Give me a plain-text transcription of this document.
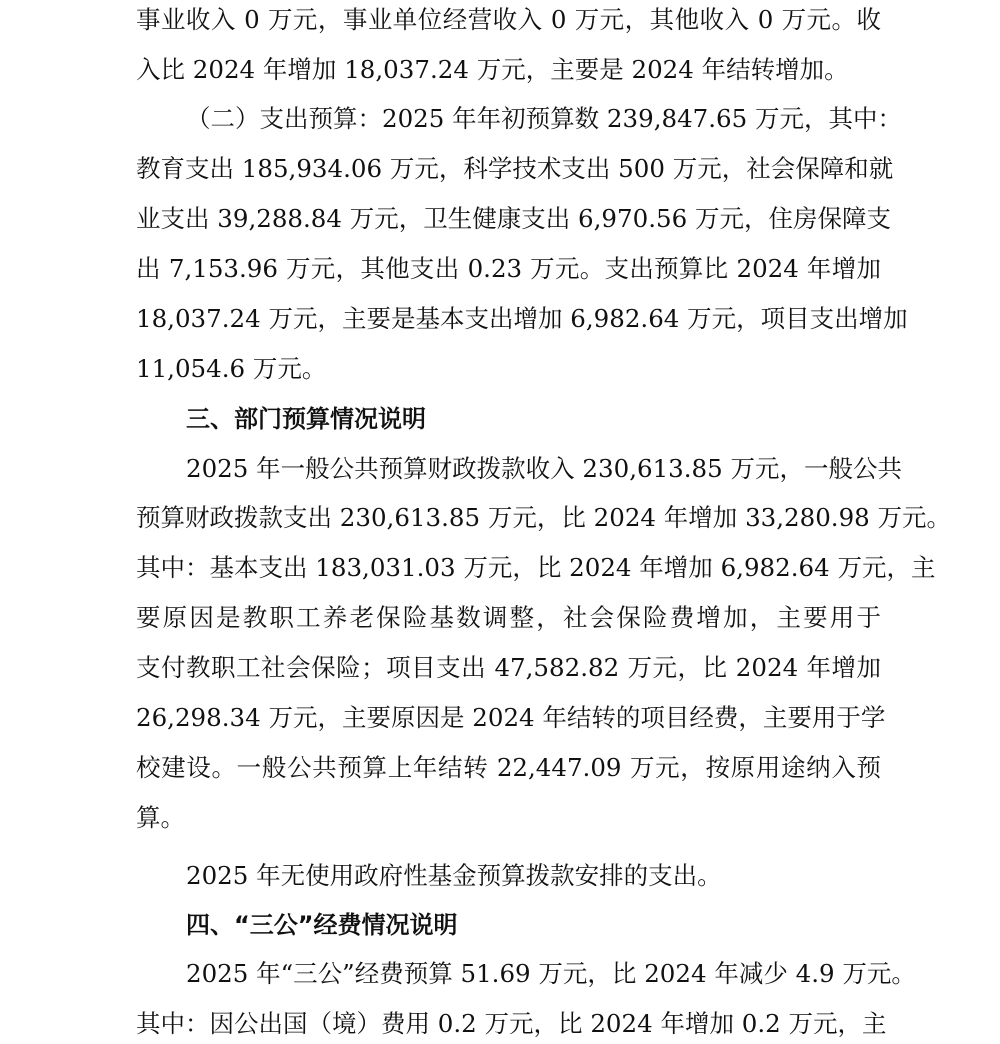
事业收入 0 万元，事业单位经营收入 0 万元，其他收入 0 万元。收
入比 2024 年增加 18,037.24 万元，主要是 2024 年结转增加。
（二）支出预算：2025 年年初预算数 239,847.65 万元，其中：
教育支出 185,934.06 万元，科学技术支出 500 万元，社会保障和就
业支出 39,288.84 万元，卫生健康支出 6,970.56 万元，住房保障支
出 7,153.96 万元，其他支出 0.23 万元。支出预算比 2024 年增加
18,037.24 万元，主要是基本支出增加 6,982.64 万元，项目支出增加
11,054.6 万元。
三、部门预算情况说明
2025 年一般公共预算财政拨款收入 230,613.85 万元，一般公共
预算财政拨款支出 230,613.85 万元，比 2024 年增加 33,280.98 万元。
其中：基本支出 183,031.03 万元，比 2024 年增加 6,982.64 万元，主
要原因是教职工养老保险基数调整，社会保险费增加，主要用于
支付教职工社会保险；项目支出 47,582.82 万元，比 2024 年增加
26,298.34 万元，主要原因是 2024 年结转的项目经费，主要用于学
校建设。一般公共预算上年结转 22,447.09 万元，按原用途纳入预
算。
2025 年无使用政府性基金预算拨款安排的支出。
四、“三公”经费情况说明
2025 年“三公”经费预算 51.69 万元，比 2024 年减少 4.9 万元。
其中：因公出国（境）费用 0.2 万元，比 2024 年增加 0.2 万元，主
